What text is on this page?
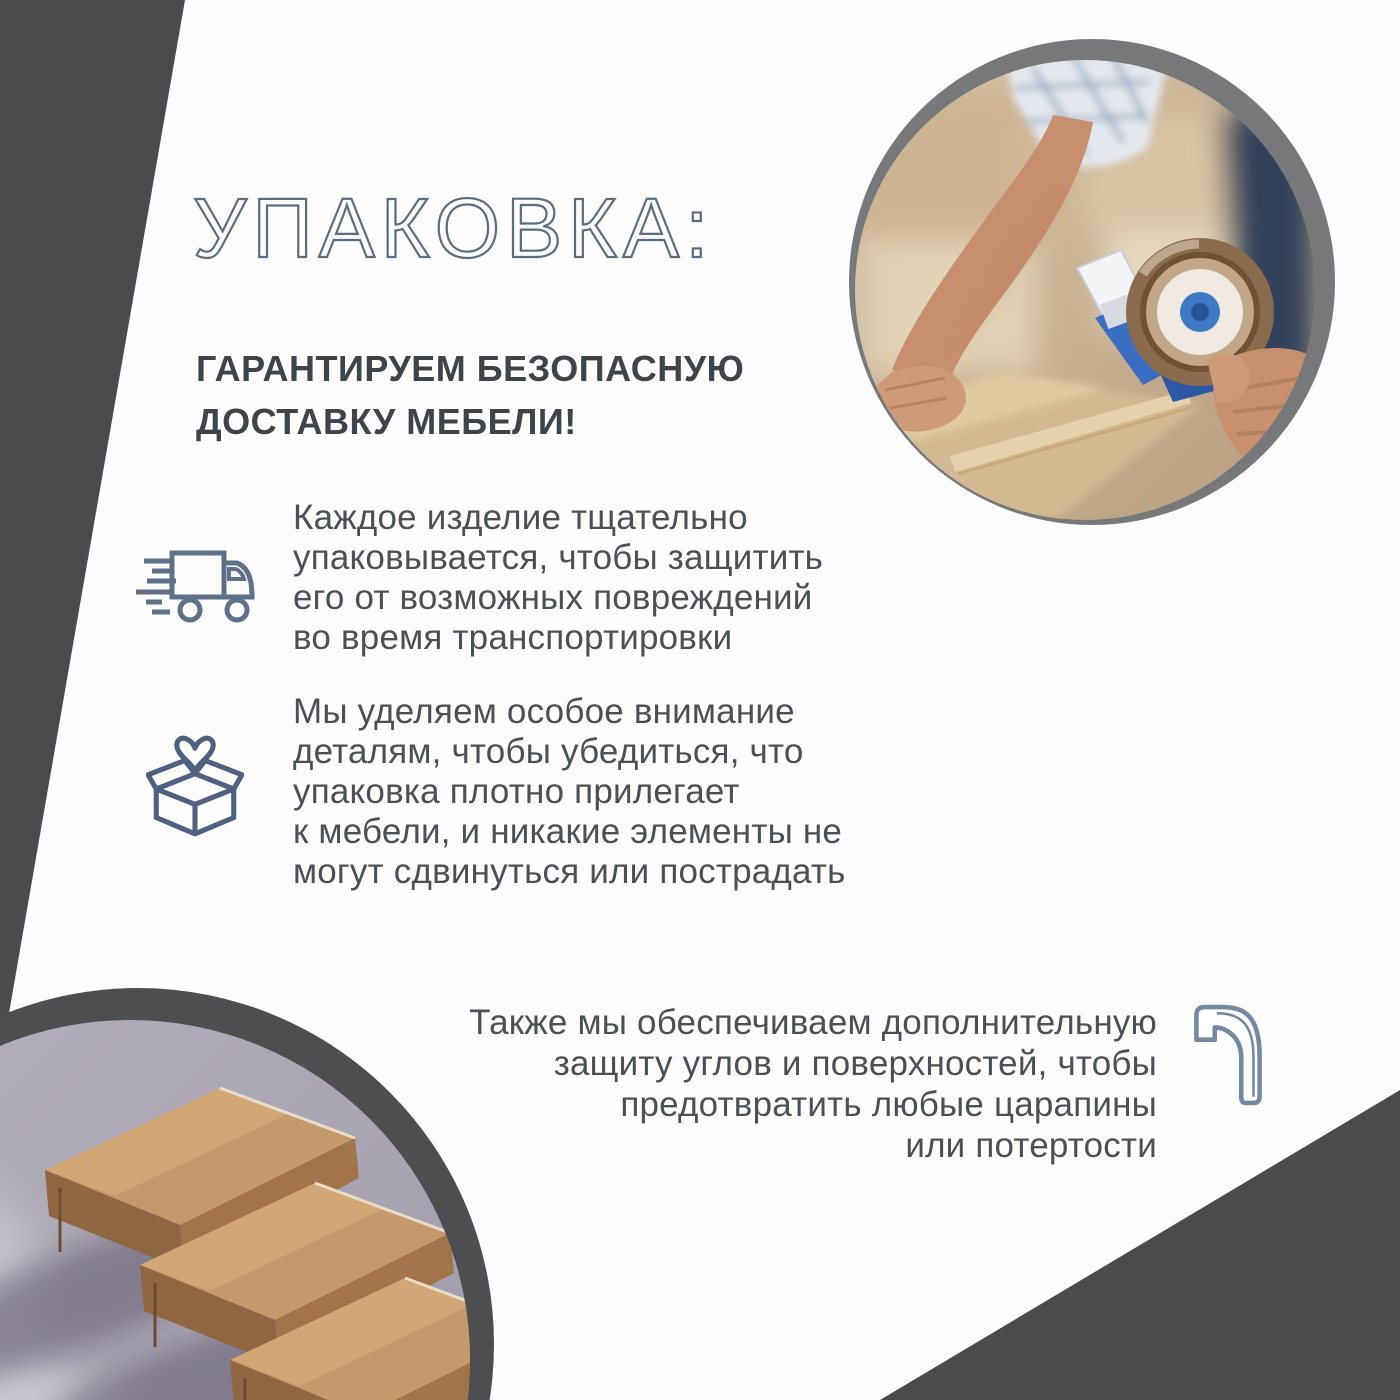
УПАКОВКА:
ГАРАНТИРУЕМ БЕЗОПАСНУЮ
ДОСТАВКУ МЕБЕЛИ!
Каждое изделие тщательно
упаковывается, чтобы защитить
его от возможных повреждений
во время транспортировки
Мы уделяем особое внимание
деталям, чтобы убедиться, что
упаковка плотно прилегает
к мебели, и никакие элементы не
могут сдвинуться или пострадать
Также мы обеспечиваем дополнительную
защиту углов и поверхностей, чтобы
предотвратить любые царапины
или потертости
